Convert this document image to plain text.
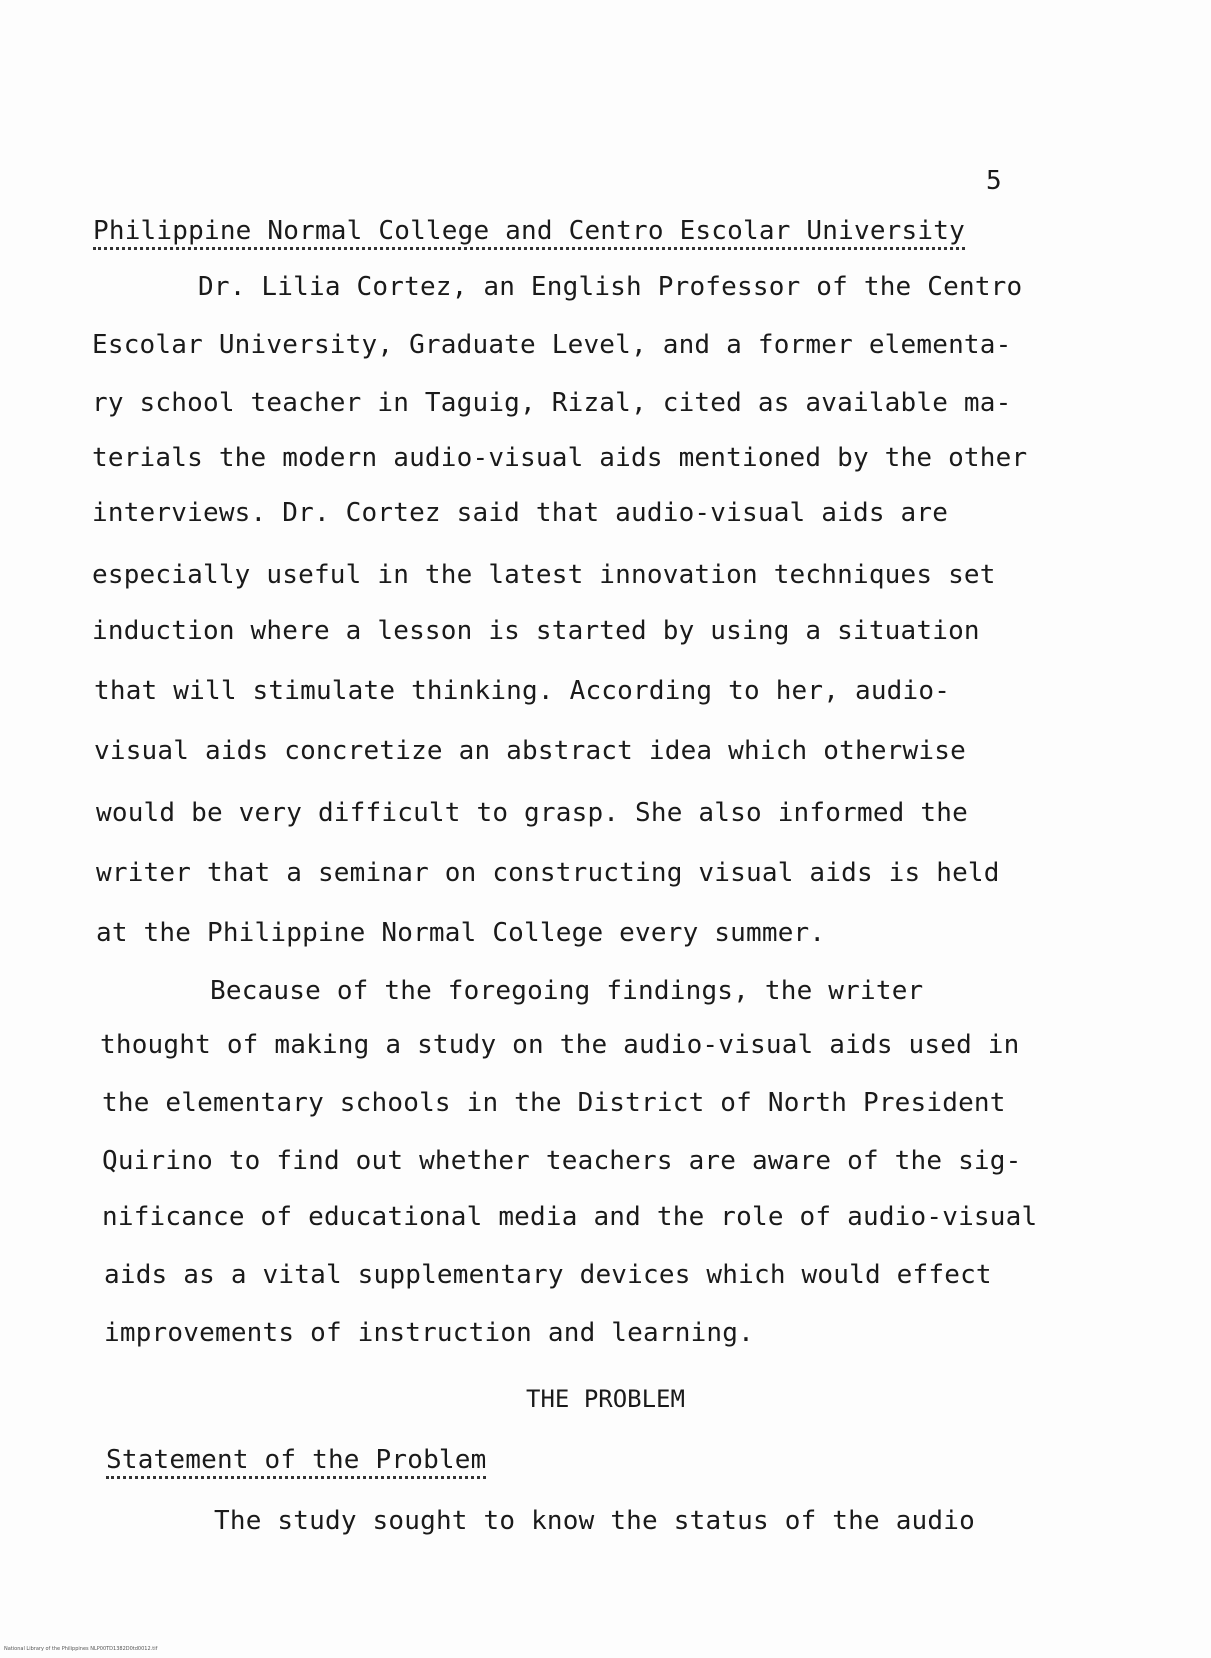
5
Philippine Normal College and Centro Escolar University
Dr. Lilia Cortez, an English Professor of the Centro
Escolar University, Graduate Level, and a former elementa-
ry school teacher in Taguig, Rizal, cited as available ma-
terials the modern audio-visual aids mentioned by the other
interviews. Dr. Cortez said that audio-visual aids are
especially useful in the latest innovation techniques set
induction where a lesson is started by using a situation
that will stimulate thinking. According to her, audio-
visual aids concretize an abstract idea which otherwise
would be very difficult to grasp. She also informed the
writer that a seminar on constructing visual aids is held
at the Philippine Normal College every summer.
Because of the foregoing findings, the writer
thought of making a study on the audio-visual aids used in
the elementary schools in the District of North President
Quirino to find out whether teachers are aware of the sig-
nificance of educational media and the role of audio-visual
aids as a vital supplementary devices which would effect
improvements of instruction and learning.
THE PROBLEM
Statement of the Problem
The study sought to know the status of the audio
National Library of the Philippines NLP00TD1382D0td0012.tif
